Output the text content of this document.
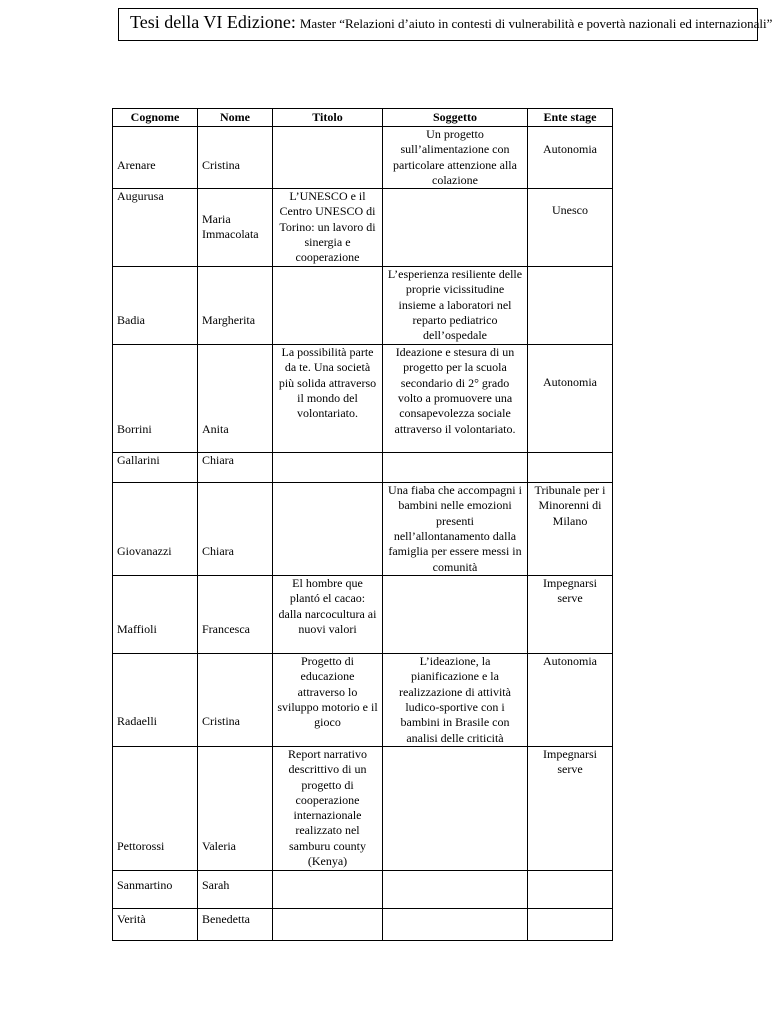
Tesi della VI Edizione: Master “Relazioni d’aiuto in contesti di vulnerabilità e povertà nazionali ed internazionali”
Cognome	Nome	Titolo	Soggetto	Ente stage
Arenare	Cristina		Un progetto sull’alimentazione con particolare attenzione alla colazione	Autonomia
Augurusa	Maria Immacolata	L’UNESCO e il Centro UNESCO di Torino: un lavoro di sinergia e cooperazione		Unesco
Badia	Margherita		L’esperienza resiliente delle proprie vicissitudine insieme a laboratori nel reparto pediatrico dell’ospedale	
Borrini	Anita	La possibilità parte da te. Una società più solida attraverso il mondo del volontariato.	Ideazione e stesura di un progetto per la scuola secondario di 2° grado volto a promuovere una consapevolezza sociale attraverso il volontariato.	Autonomia
Gallarini	Chiara			
Giovanazzi	Chiara		Una fiaba che accompagni i bambini nelle emozioni presenti nell’allontanamento dalla famiglia per essere messi in comunità	Tribunale per i Minorenni di Milano
Maffioli	Francesca	El hombre que plantó el cacao: dalla narcocultura ai nuovi valori		Impegnarsi serve
Radaelli	Cristina	Progetto di educazione attraverso lo sviluppo motorio e il gioco	L’ideazione, la pianificazione e la realizzazione di attività ludico-sportive con i bambini in Brasile con analisi delle criticità	Autonomia
Pettorossi	Valeria	Report narrativo descrittivo di un progetto di cooperazione internazionale realizzato nel samburu county (Kenya)		Impegnarsi serve
Sanmartino	Sarah			
Verità	Benedetta			
